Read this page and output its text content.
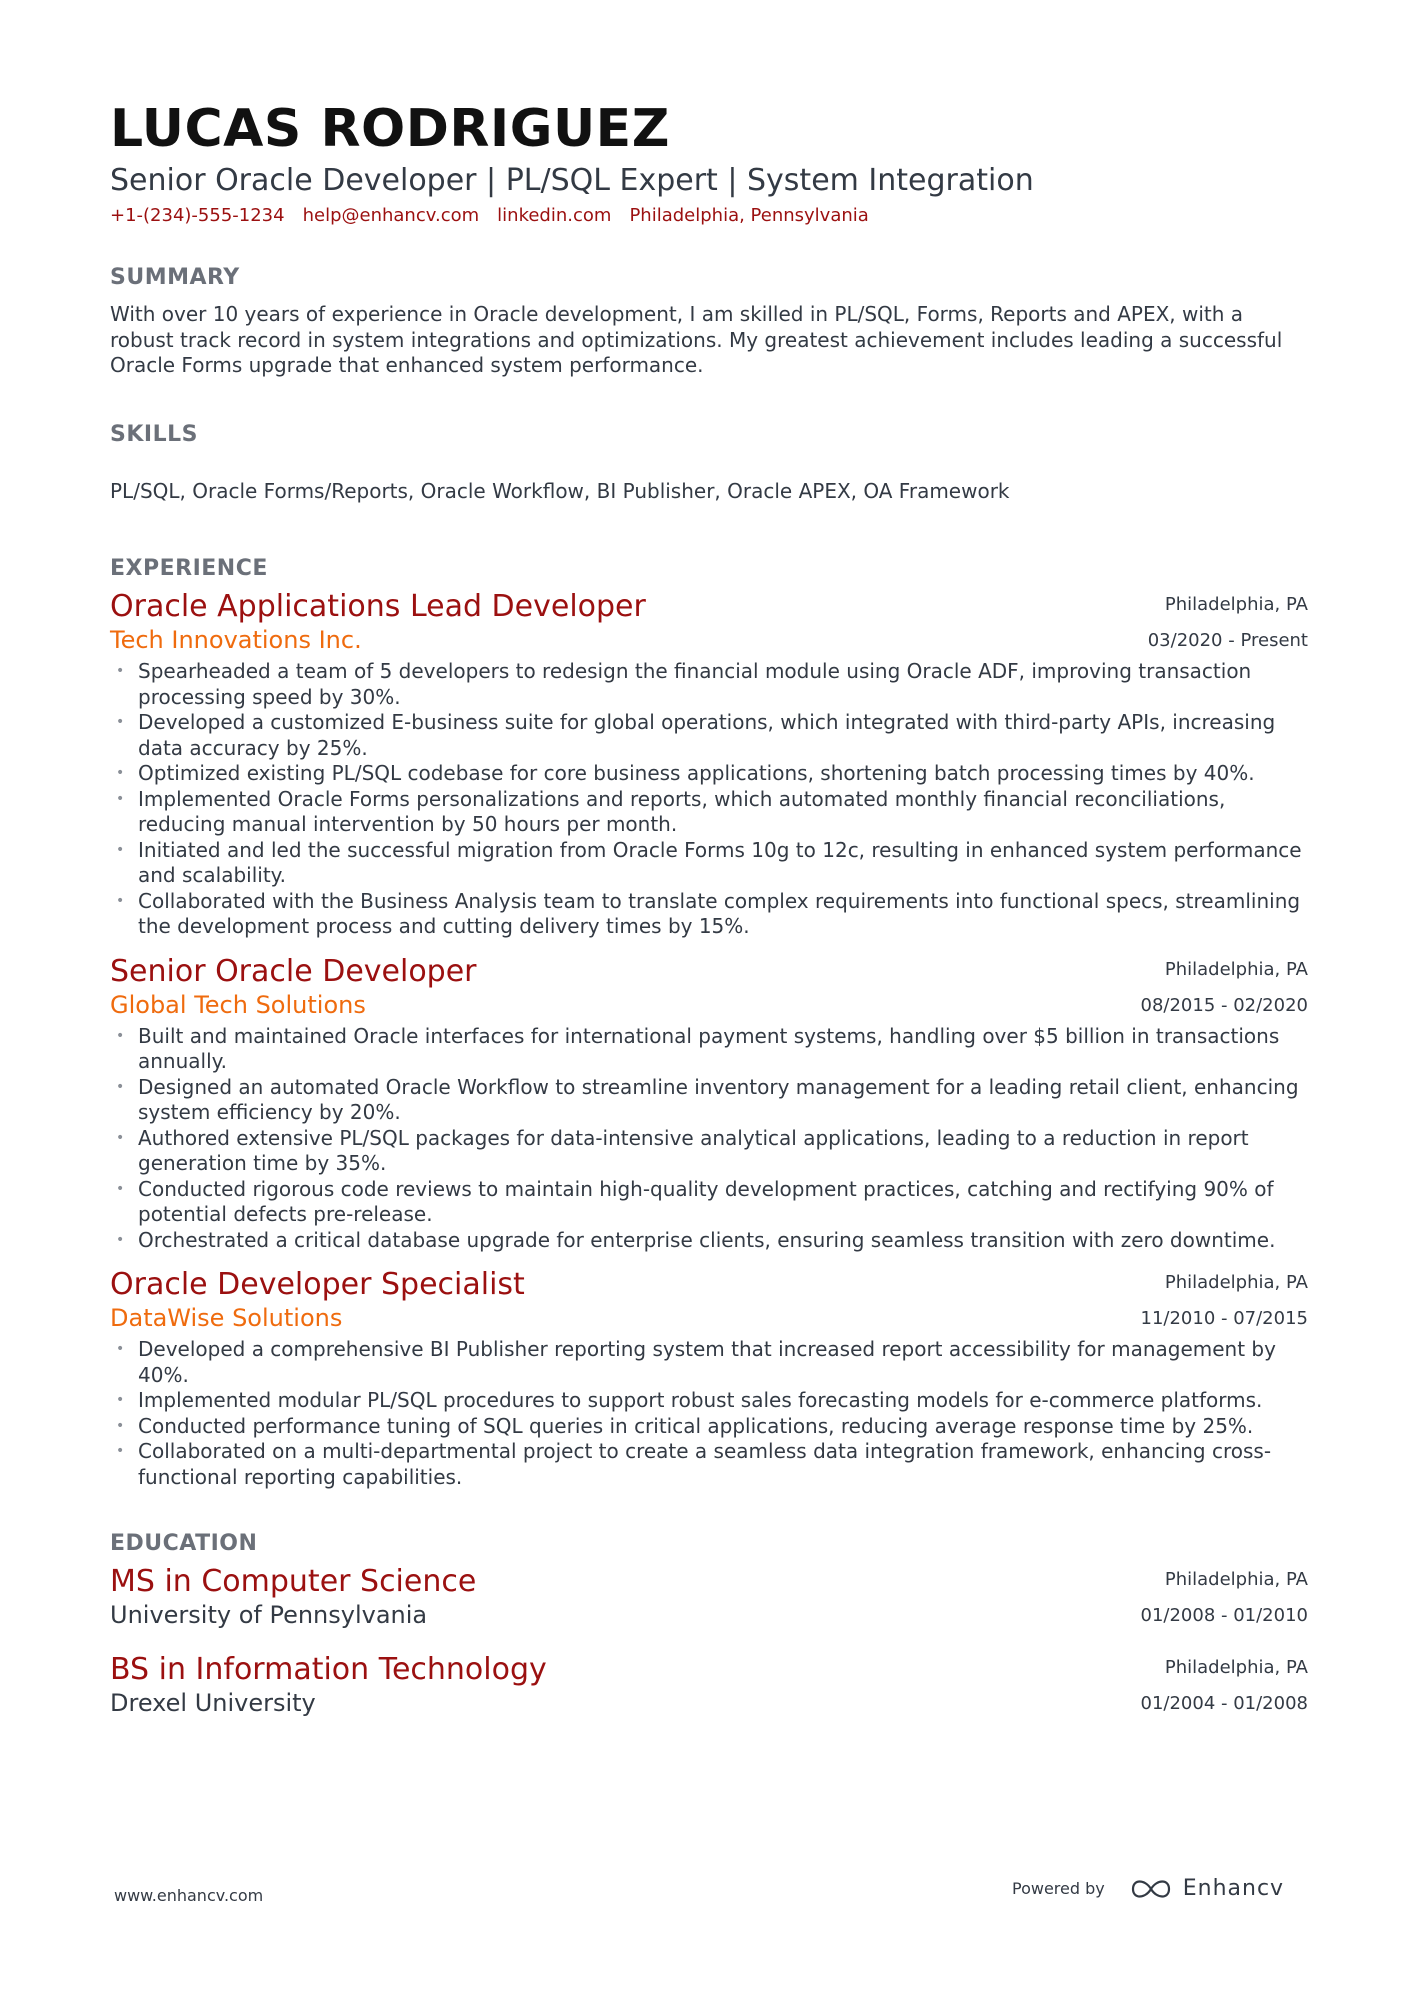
LUCAS RODRIGUEZ
Senior Oracle Developer | PL/SQL Expert | System Integration
+1-(234)-555-1234 help@enhancv.com linkedin.com Philadelphia, Pennsylvania
SUMMARY
With over 10 years of experience in Oracle development, I am skilled in PL/SQL, Forms, Reports and APEX, with a robust track record in system integrations and optimizations. My greatest achievement includes leading a successful Oracle Forms upgrade that enhanced system performance.
SKILLS
PL/SQL, Oracle Forms/Reports, Oracle Workflow, BI Publisher, Oracle APEX, OA Framework
EXPERIENCE
Philadelphia, PA
03/2020 - Present
Oracle Applications Lead Developer
Tech Innovations Inc.
• Spearheaded a team of 5 developers to redesign the financial module using Oracle ADF, improving transaction processing speed by 30%.
• Developed a customized E-business suite for global operations, which integrated with third-party APIs, increasing data accuracy by 25%.
• Optimized existing PL/SQL codebase for core business applications, shortening batch processing times by 40%.
• Implemented Oracle Forms personalizations and reports, which automated monthly financial reconciliations, reducing manual intervention by 50 hours per month.
• Initiated and led the successful migration from Oracle Forms 10g to 12c, resulting in enhanced system performance and scalability.
• Collaborated with the Business Analysis team to translate complex requirements into functional specs, streamlining the development process and cutting delivery times by 15%.
Philadelphia, PA
08/2015 - 02/2020
Senior Oracle Developer
Global Tech Solutions
• Built and maintained Oracle interfaces for international payment systems, handling over $5 billion in transactions annually.
• Designed an automated Oracle Workflow to streamline inventory management for a leading retail client, enhancing system efficiency by 20%.
• Authored extensive PL/SQL packages for data-intensive analytical applications, leading to a reduction in report generation time by 35%.
• Conducted rigorous code reviews to maintain high-quality development practices, catching and rectifying 90% of potential defects pre-release.
• Orchestrated a critical database upgrade for enterprise clients, ensuring seamless transition with zero downtime.
Philadelphia, PA
11/2010 - 07/2015
Oracle Developer Specialist
DataWise Solutions
• Developed a comprehensive BI Publisher reporting system that increased report accessibility for management by 40%.
• Implemented modular PL/SQL procedures to support robust sales forecasting models for e-commerce platforms.
• Conducted performance tuning of SQL queries in critical applications, reducing average response time by 25%.
• Collaborated on a multi-departmental project to create a seamless data integration framework, enhancing cross-functional reporting capabilities.
EDUCATION
Philadelphia, PA
01/2008 - 01/2010
MS in Computer Science
University of Pennsylvania
Philadelphia, PA
01/2004 - 01/2008
BS in Information Technology
Drexel University
www.enhancv.com	Powered by	Enhancv
